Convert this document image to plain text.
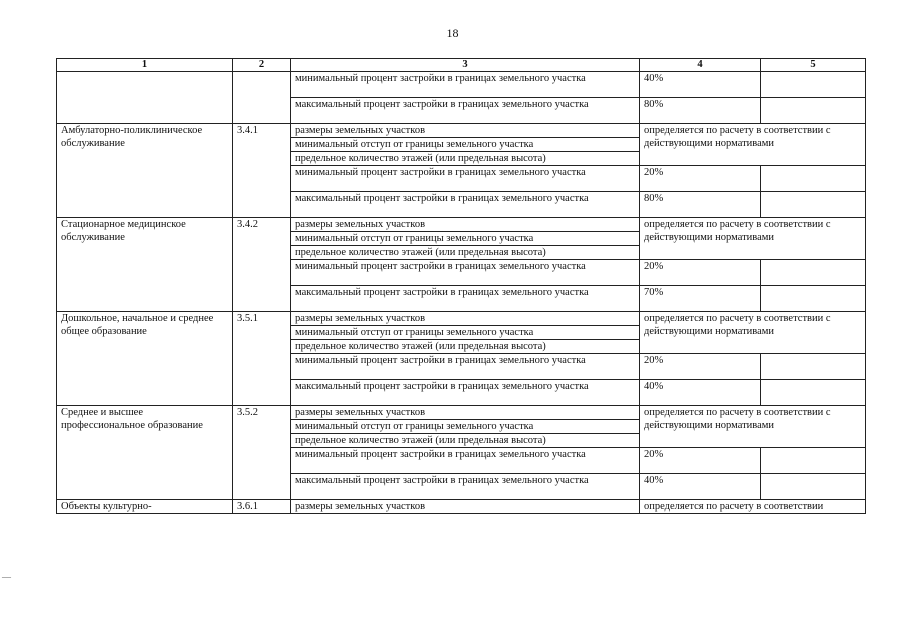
18
1	2	3	4	5
		минимальный процент застройки в границах земельного участка	40%	
		максимальный процент застройки в границах земельного участка	80%	
Амбулаторно-поликлиническое обслуживание	3.4.1	размеры земельных участков	определяется по расчету в соответствии с действующими нормативами	
		минимальный отступ от границы земельного участка		
		предельное количество этажей (или предельная высота)		
		минимальный процент застройки в границах земельного участка	20%	
		максимальный процент застройки в границах земельного участка	80%	
Стационарное медицинское обслуживание	3.4.2	размеры земельных участков	определяется по расчету в соответствии с действующими нормативами	
		минимальный отступ от границы земельного участка		
		предельное количество этажей (или предельная высота)		
		минимальный процент застройки в границах земельного участка	20%	
		максимальный процент застройки в границах земельного участка	70%	
Дошкольное, начальное и среднее общее образование	3.5.1	размеры земельных участков	определяется по расчету в соответствии с действующими нормативами	
		минимальный отступ от границы земельного участка		
		предельное количество этажей (или предельная высота)		
		минимальный процент застройки в границах земельного участка	20%	
		максимальный процент застройки в границах земельного участка	40%	
Среднее и высшее профессиональное образование	3.5.2	размеры земельных участков	определяется по расчету в соответствии с действующими нормативами	
		минимальный отступ от границы земельного участка		
		предельное количество этажей (или предельная высота)		
		минимальный процент застройки в границах земельного участка	20%	
		максимальный процент застройки в границах земельного участка	40%	
Объекты культурно-	3.6.1	размеры земельных участков	определяется по расчету в соответствии	
—
